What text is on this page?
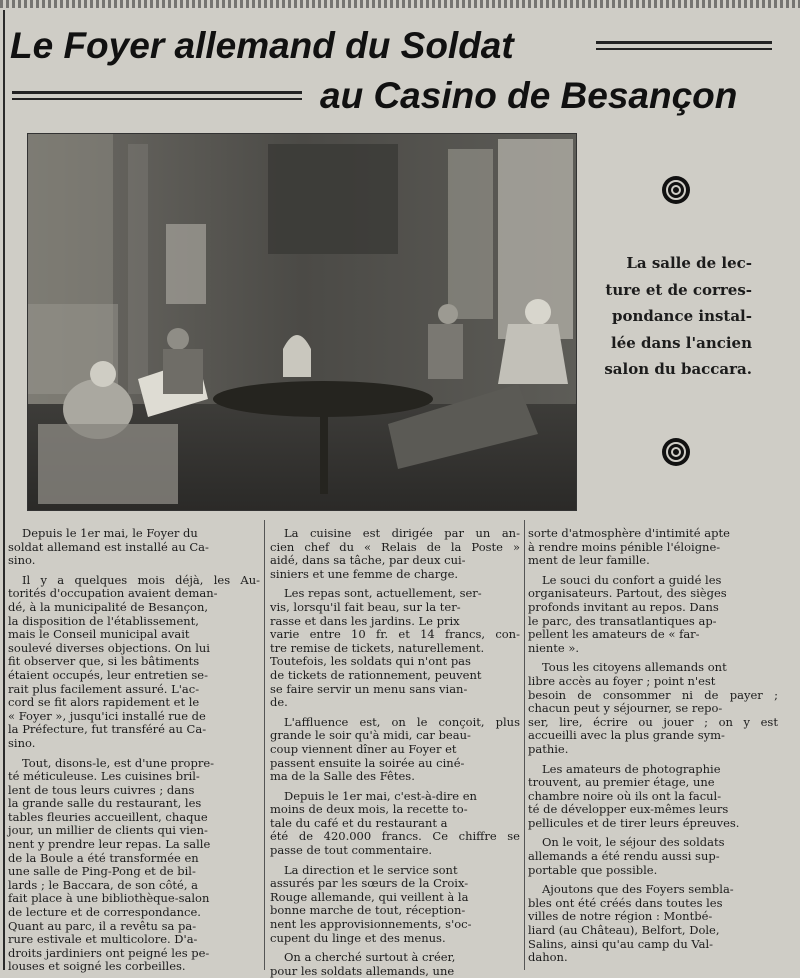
Le Foyer allemand du Soldat
au Casino de Besançon

La salle de lec-
ture et de corres-
pondance instal-
lée dans l'ancien
salon du baccara.

Depuis le 1er mai, le Foyer du
soldat allemand est installé au Ca-
sino.
Il y a quelques mois déjà, les Au-
torités d'occupation avaient deman-
dé, à la municipalité de Besançon,
la disposition de l'établissement,
mais le Conseil municipal avait
soulevé diverses objections. On lui
fit observer que, si les bâtiments
étaient occupés, leur entretien se-
rait plus facilement assuré. L'ac-
cord se fit alors rapidement et le
« Foyer », jusqu'ici installé rue de
la Préfecture, fut transféré au Ca-
sino.
Tout, disons-le, est d'une propre-
té méticuleuse. Les cuisines bril-
lent de tous leurs cuivres ; dans
la grande salle du restaurant, les
tables fleuries accueillent, chaque
jour, un millier de clients qui vien-
nent y prendre leur repas. La salle
de la Boule a été transformée en
une salle de Ping-Pong et de bil-
lards ; le Baccara, de son côté, a
fait place à une bibliothèque-salon
de lecture et de correspondance.
Quant au parc, il a revêtu sa pa-
rure estivale et multicolore. D'a-
droits jardiniers ont peigné les pe-
louses et soigné les corbeilles.
La cuisine est dirigée par un an-
cien chef du « Relais de la Poste »
aidé, dans sa tâche, par deux cui-
siniers et une femme de charge.
Les repas sont, actuellement, ser-
vis, lorsqu'il fait beau, sur la ter-
rasse et dans les jardins. Le prix
varie entre 10 fr. et 14 francs, con-
tre remise de tickets, naturellement.
Toutefois, les soldats qui n'ont pas
de tickets de rationnement, peuvent
se faire servir un menu sans vian-
de.
L'affluence est, on le conçoit, plus
grande le soir qu'à midi, car beau-
coup viennent dîner au Foyer et
passent ensuite la soirée au ciné-
ma de la Salle des Fêtes.
Depuis le 1er mai, c'est-à-dire en
moins de deux mois, la recette to-
tale du café et du restaurant a
été de 420.000 francs. Ce chiffre se
passe de tout commentaire.
La direction et le service sont
assurés par les sœurs de la Croix-
Rouge allemande, qui veillent à la
bonne marche de tout, réception-
nent les approvisionnements, s'oc-
cupent du linge et des menus.
On a cherché surtout à créer,
pour les soldats allemands, une
sorte d'atmosphère d'intimité apte
à rendre moins pénible l'éloigne-
ment de leur famille.
Le souci du confort a guidé les
organisateurs. Partout, des sièges
profonds invitant au repos. Dans
le parc, des transatlantiques ap-
pellent les amateurs de « far-
niente ».
Tous les citoyens allemands ont
libre accès au foyer ; point n'est
besoin de consommer ni de payer ;
chacun peut y séjourner, se repo-
ser, lire, écrire ou jouer ; on y est
accueilli avec la plus grande sym-
pathie.
Les amateurs de photographie
trouvent, au premier étage, une
chambre noire où ils ont la facul-
té de développer eux-mêmes leurs
pellicules et de tirer leurs épreuves.
On le voit, le séjour des soldats
allemands a été rendu aussi sup-
portable que possible.
Ajoutons que des Foyers sembla-
bles ont été créés dans toutes les
villes de notre région : Montbé-
liard (au Château), Belfort, Dole,
Salins, ainsi qu'au camp du Val-
dahon.
